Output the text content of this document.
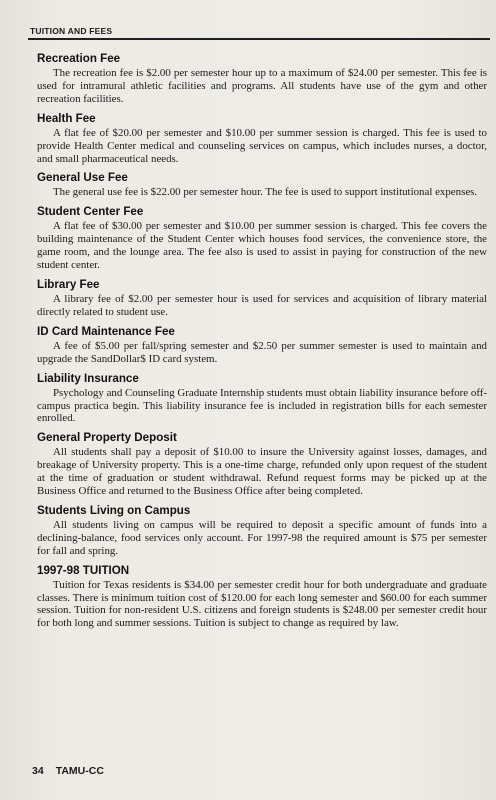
TUITION AND FEES
Recreation Fee

The recreation fee is $2.00 per semester hour up to a maximum of $24.00 per semester. This fee is used for intramural athletic facilities and programs. All students have use of the gym and other recreation facilities.

Health Fee

A flat fee of $20.00 per semester and $10.00 per summer session is charged. This fee is used to provide Health Center medical and counseling services on campus, which includes nurses, a doctor, and small pharmaceutical needs.

General Use Fee

The general use fee is $22.00 per semester hour. The fee is used to support institutional expenses.

Student Center Fee

A flat fee of $30.00 per semester and $10.00 per summer session is charged. This fee covers the building maintenance of the Student Center which houses food services, the convenience store, the game room, and the lounge area. The fee also is used to assist in paying for construction of the new student center.

Library Fee

A library fee of $2.00 per semester hour is used for services and acquisition of library material directly related to student use.

ID Card Maintenance Fee

A fee of $5.00 per fall/spring semester and $2.50 per summer semester is used to maintain and upgrade the SandDollar$ ID card system.

Liability Insurance

Psychology and Counseling Graduate Internship students must obtain liability insurance before off-campus practica begin. This liability insurance fee is included in registration bills for each semester enrolled.

General Property Deposit

All students shall pay a deposit of $10.00 to insure the University against losses, damages, and breakage of University property. This is a one-time charge, refunded only upon request of the student at the time of graduation or student withdrawal. Refund request forms may be picked up at the Business Office and returned to the Business Office after being completed.

Students Living on Campus

All students living on campus will be required to deposit a specific amount of funds into a declining-balance, food services only account. For 1997-98 the required amount is $75 per semester for fall and spring.

1997-98 TUITION

Tuition for Texas residents is $34.00 per semester credit hour for both undergraduate and graduate classes. There is minimum tuition cost of $120.00 for each long semester and $60.00 for each summer session. Tuition for non-resident U.S. citizens and foreign students is $248.00 per semester credit hour for both long and summer sessions. Tuition is subject to change as required by law.

34 TAMU-CC
